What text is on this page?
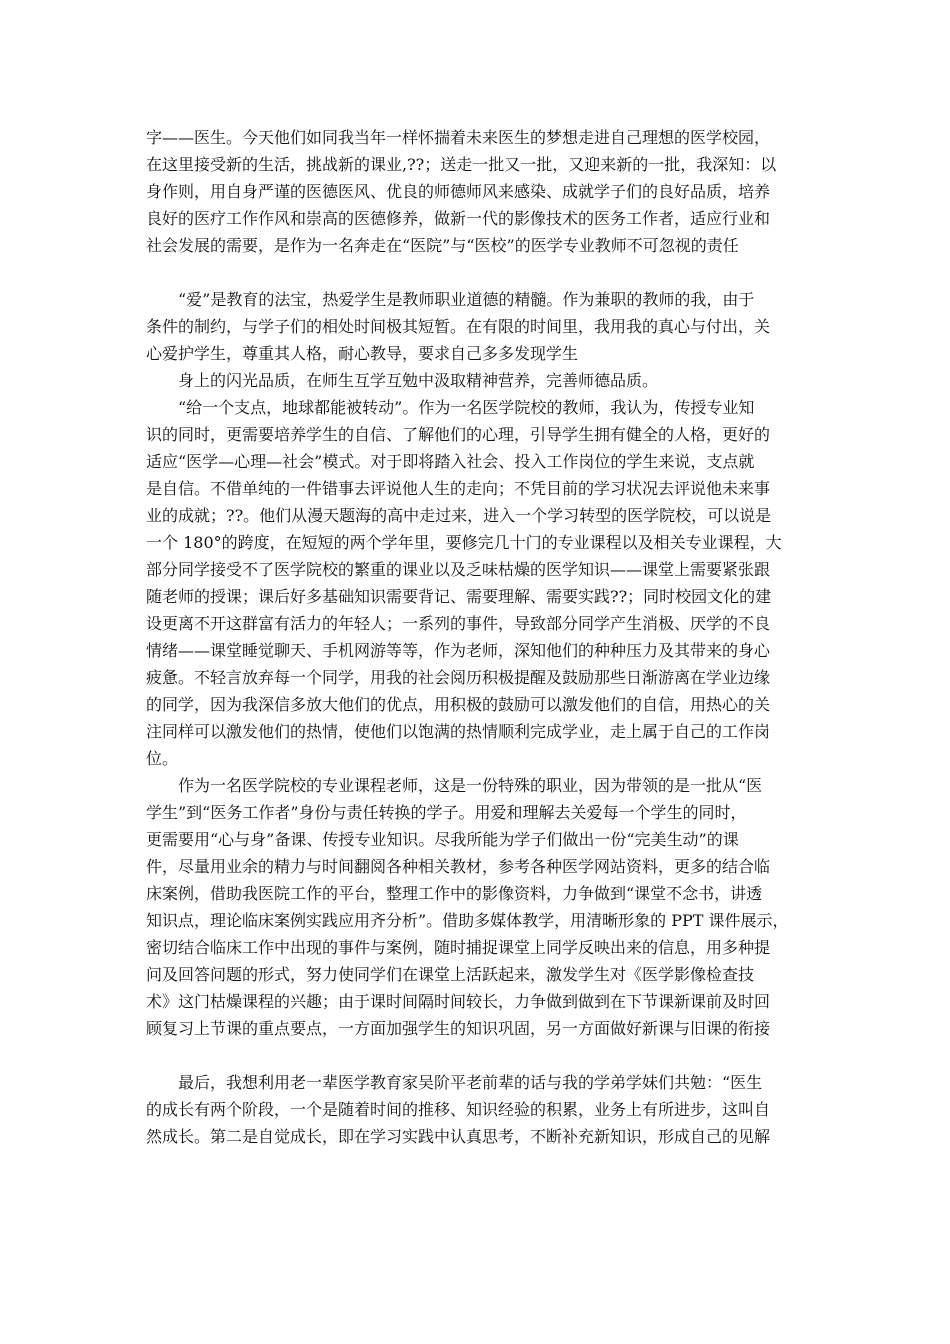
字——医生。今天他们如同我当年一样怀揣着未来医生的梦想走进自己理想的医学校园，
在这里接受新的生活，挑战新的课业,??；送走一批又一批，又迎来新的一批，我深知：以
身作则，用自身严谨的医德医风、优良的师德师风来感染、成就学子们的良好品质，培养
良好的医疗工作作风和崇高的医德修养，做新一代的影像技术的医务工作者，适应行业和
社会发展的需要，是作为一名奔走在“医院”与“医校”的医学专业教师不可忽视的责任
“爱”是教育的法宝，热爱学生是教师职业道德的精髓。作为兼职的教师的我，由于
条件的制约，与学子们的相处时间极其短暂。在有限的时间里，我用我的真心与付出，关
心爱护学生，尊重其人格，耐心教导，要求自己多多发现学生
身上的闪光品质，在师生互学互勉中汲取精神营养，完善师德品质。
“给一个支点，地球都能被转动”。作为一名医学院校的教师，我认为，传授专业知
识的同时，更需要培养学生的自信、了解他们的心理，引导学生拥有健全的人格，更好的
适应“医学—心理—社会”模式。对于即将踏入社会、投入工作岗位的学生来说，支点就
是自信。不借单纯的一件错事去评说他人生的走向；不凭目前的学习状况去评说他未来事
业的成就；??。他们从漫天题海的高中走过来，进入一个学习转型的医学院校，可以说是
一个 180°的跨度，在短短的两个学年里，要修完几十门的专业课程以及相关专业课程，大
部分同学接受不了医学院校的繁重的课业以及乏味枯燥的医学知识——课堂上需要紧张跟
随老师的授课；课后好多基础知识需要背记、需要理解、需要实践??；同时校园文化的建
设更离不开这群富有活力的年轻人；一系列的事件，导致部分同学产生消极、厌学的不良
情绪——课堂睡觉聊天、手机网游等等，作为老师，深知他们的种种压力及其带来的身心
疲惫。不轻言放弃每一个同学，用我的社会阅历积极提醒及鼓励那些日渐游离在学业边缘
的同学，因为我深信多放大他们的优点，用积极的鼓励可以激发他们的自信，用热心的关
注同样可以激发他们的热情，使他们以饱满的热情顺利完成学业，走上属于自己的工作岗
位。
作为一名医学院校的专业课程老师，这是一份特殊的职业，因为带领的是一批从“医
学生”到“医务工作者”身份与责任转换的学子。用爱和理解去关爱每一个学生的同时，
更需要用“心与身”备课、传授专业知识。尽我所能为学子们做出一份“完美生动”的课
件，尽量用业余的精力与时间翻阅各种相关教材，参考各种医学网站资料，更多的结合临
床案例，借助我医院工作的平台，整理工作中的影像资料，力争做到“课堂不念书，讲透
知识点，理论临床案例实践应用齐分析”。借助多媒体教学，用清晰形象的 PPT 课件展示，
密切结合临床工作中出现的事件与案例，随时捕捉课堂上同学反映出来的信息，用多种提
问及回答问题的形式，努力使同学们在课堂上活跃起来，激发学生对《医学影像检查技
术》这门枯燥课程的兴趣；由于课时间隔时间较长，力争做到做到在下节课新课前及时回
顾复习上节课的重点要点，一方面加强学生的知识巩固，另一方面做好新课与旧课的衔接
最后，我想利用老一辈医学教育家吴阶平老前辈的话与我的学弟学妹们共勉：“医生
的成长有两个阶段，一个是随着时间的推移、知识经验的积累，业务上有所进步，这叫自
然成长。第二是自觉成长，即在学习实践中认真思考，不断补充新知识，形成自己的见解
